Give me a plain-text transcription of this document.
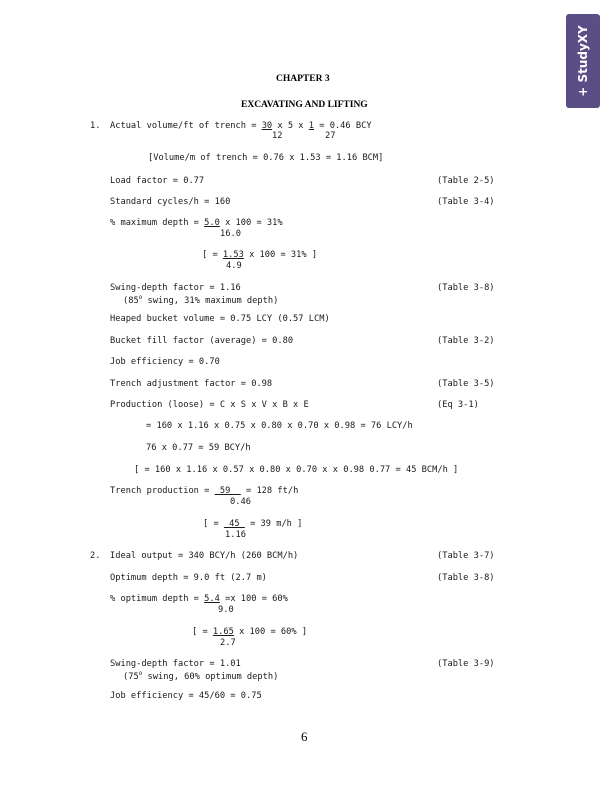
+ StudyXY
CHAPTER 3
EXCAVATING AND LIFTING
1. Actual volume/ft of trench = 30 x 5 x 1 = 0.46 BCY
12	27
[Volume/m of trench = 0.76 x 1.53 = 1.16 BCM]
Load factor = 0.77	(Table 2-5)
Standard cycles/h = 160	(Table 3-4)
% maximum depth = 5.0 x 100 = 31%
16.0
[ = 1.53 x 100 = 31% ]
4.9
Swing-depth factor = 1.16	(Table 3-8)
(85$^o$ swing, 31% maximum depth)
Heaped bucket volume = 0.75 LCY (0.57 LCM)
Bucket fill factor (average) = 0.80	(Table 3-2)
Job efficiency = 0.70
Trench adjustment factor = 0.98	(Table 3-5)
Production (loose) = C x S x V x B x E	(Eq 3-1)
= 160 x 1.16 x 0.75 x 0.80 x 0.70 x 0.98 = 76 LCY/h
76 x 0.77 = 59 BCY/h
[ = 160 x 1.16 x 0.57 x 0.80 x 0.70 x x 0.98 0.77 = 45 BCM/h ]
Trench production =  59   = 128 ft/h
0.46
[ =  45  = 39 m/h ]
1.16
2. Ideal output = 340 BCY/h (260 BCM/h)	(Table 3-7)
Optimum depth = 9.0 ft (2.7 m)	(Table 3-8)
% optimum depth = 5.4 =x 100 = 60%
9.0
[ = 1.65 x 100 = 60% ]
2.7
Swing-depth factor = 1.01	(Table 3-9)
(75$^o$ swing, 60% optimum depth)
Job efficiency = 45/60 = 0.75
6
